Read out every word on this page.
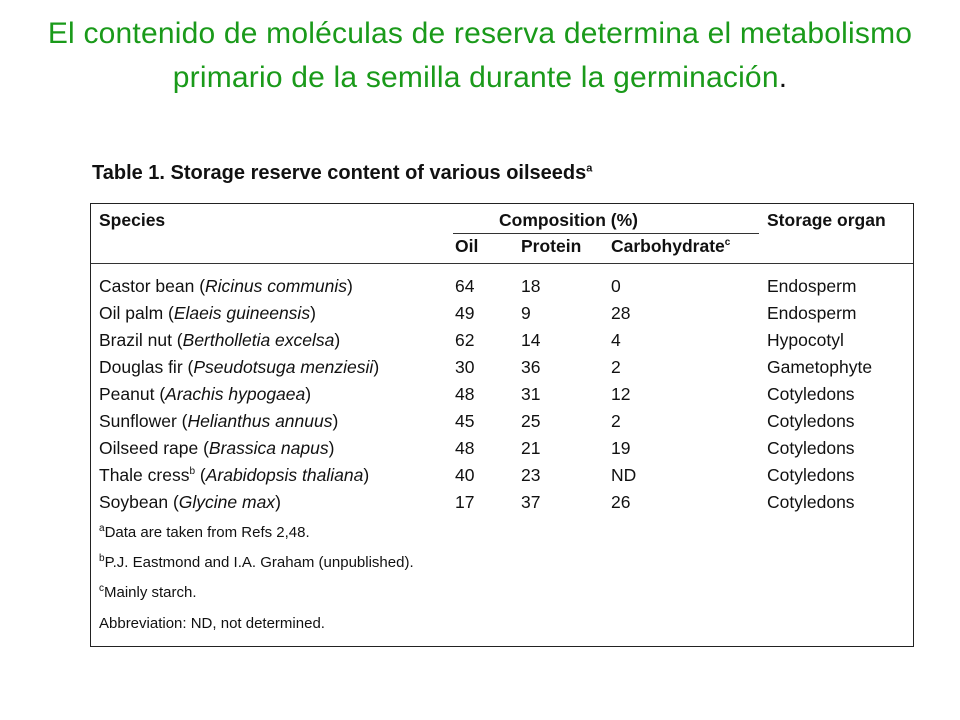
El contenido de moléculas de reserva determina el metabolismo primario de la semilla durante la germinación.
Table 1. Storage reserve content of various oilseeds$^a$
Species	Composition (%)	Storage organ
Oil Protein Carbohydrate$^c$
Castor bean (Ricinus communis)	64	18	0	Endosperm
Oil palm (Elaeis guineensis)	49	9	28	Endosperm
Brazil nut (Bertholletia excelsa)	62	14	4	Hypocotyl
Douglas fir (Pseudotsuga menziesii)	30	36	2	Gametophyte
Peanut (Arachis hypogaea)	48	31	12	Cotyledons
Sunflower (Helianthus annuus)	45	25	2	Cotyledons
Oilseed rape (Brassica napus)	48	21	19	Cotyledons
Thale cress$^b$ (Arabidopsis thaliana)	40	23	ND	Cotyledons
Soybean (Glycine max)	17	37	26	Cotyledons
$^a$Data are taken from Refs 2,48.
$^b$P.J. Eastmond and I.A. Graham (unpublished).
$^c$Mainly starch.
Abbreviation: ND, not determined.
